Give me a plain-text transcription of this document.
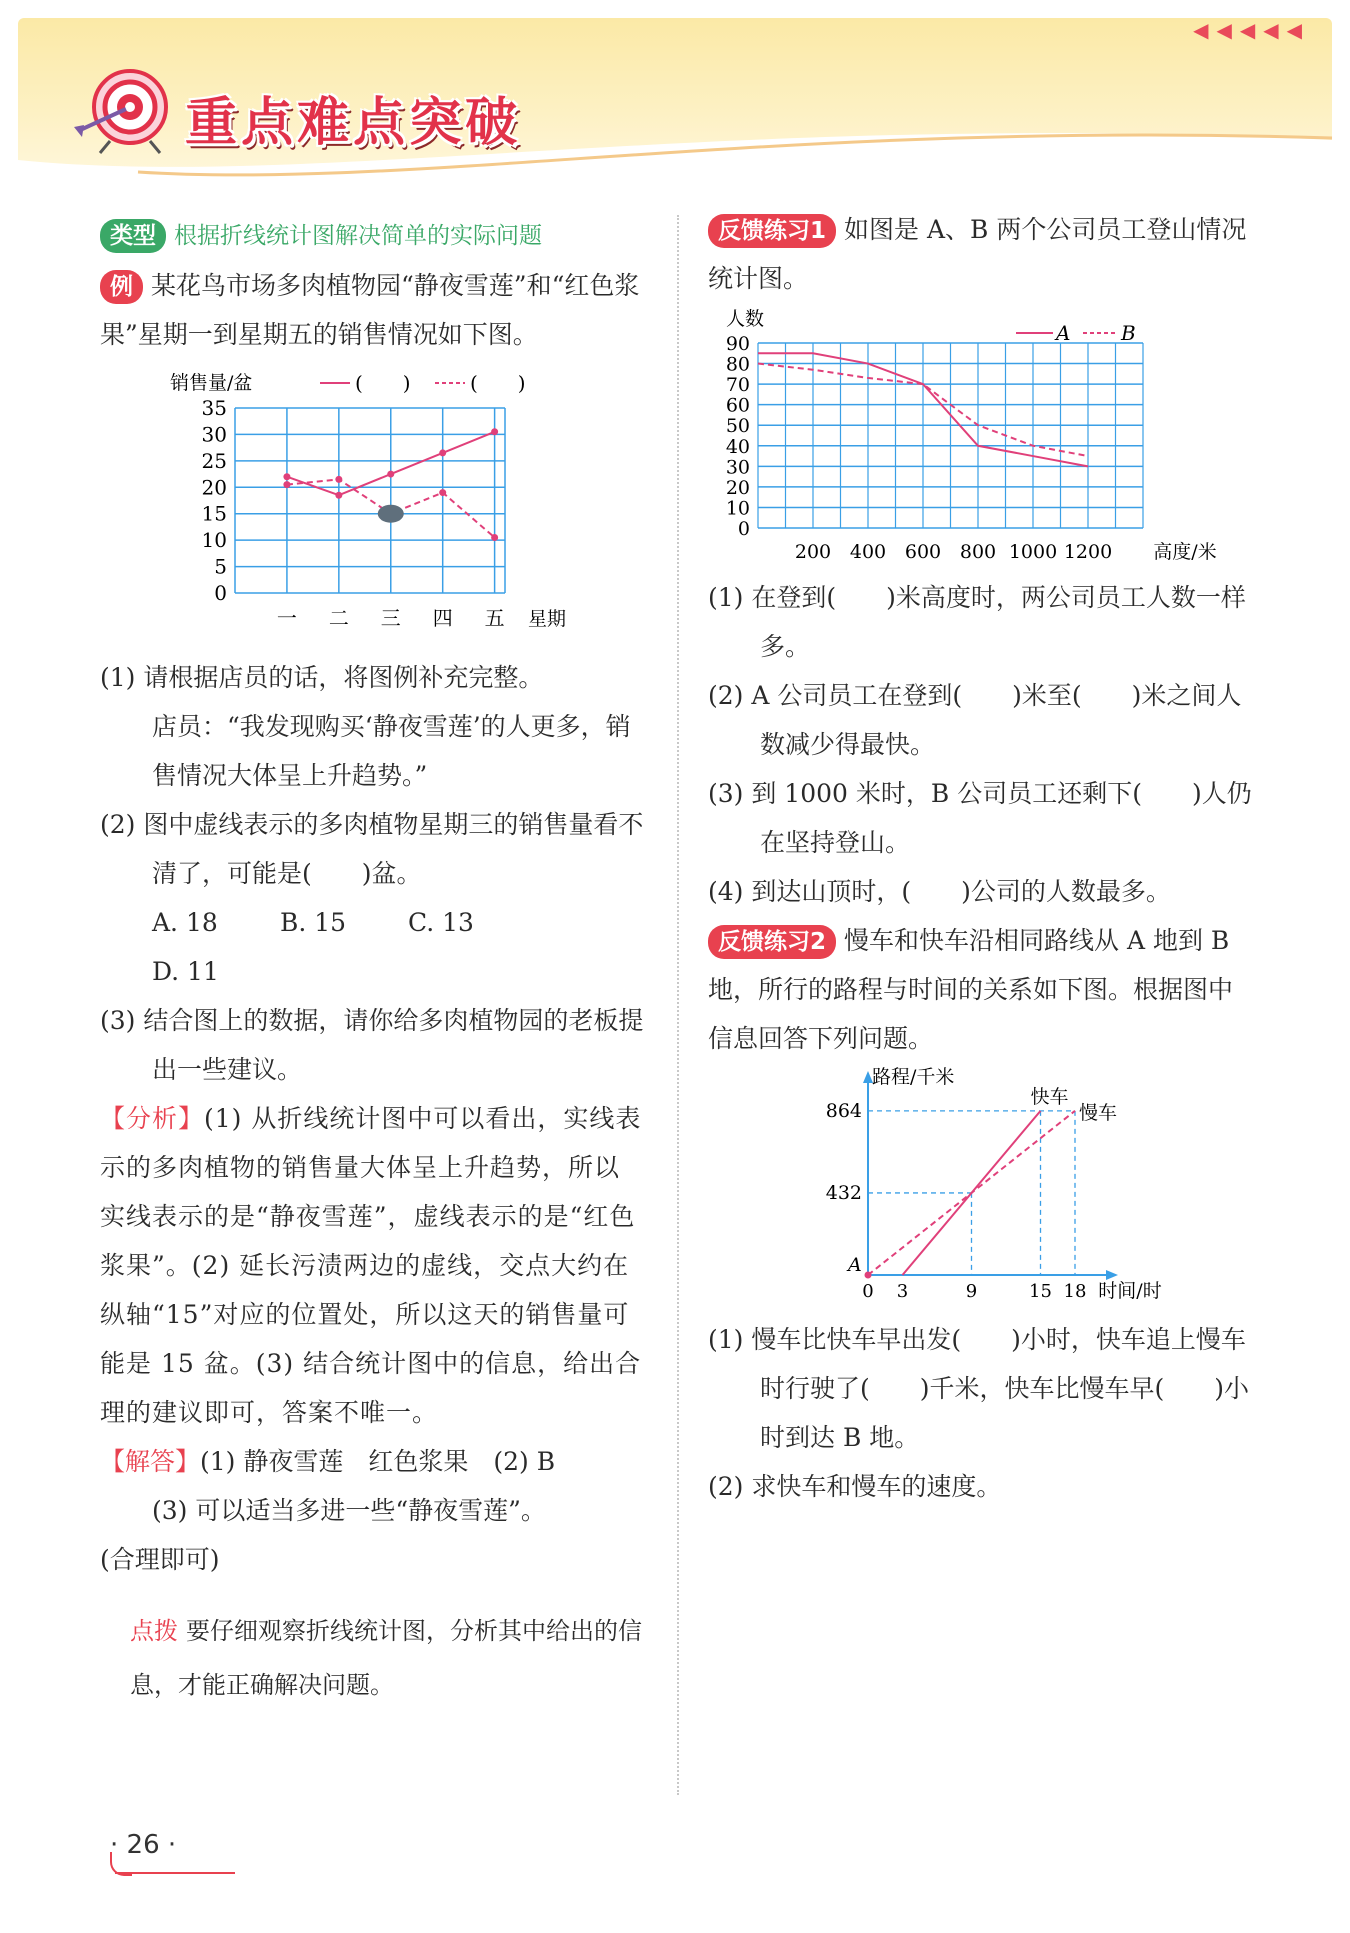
◀◀◀◀◀
重点难点突破

类型 根据折线统计图解决简单的实际问题

例 某花鸟市场多肉植物园“静夜雪莲”和“红色浆果”星期一到星期五的销售情况如下图。

0
5
10
15
20
25
30
35
一 二 三 四 五 星期
销售量/盆	(　　)	(　　)

(1) 请根据店员的话，将图例补充完整。

店员：“我发现购买‘静夜雪莲’的人更多，销售情况大体呈上升趋势。”

(2) 图中虚线表示的多肉植物星期三的销售量看不清了，可能是(　　)盆。

A. 18 B. 15 C. 13D. 11

(3) 结合图上的数据，请你给多肉植物园的老板提出一些建议。

【分析】(1) 从折线统计图中可以看出，实线表示的多肉植物的销售量大体呈上升趋势，所以实线表示的是“静夜雪莲”，虚线表示的是“红色浆果”。(2) 延长污渍两边的虚线，交点大约在纵轴“15”对应的位置处，所以这天的销售量可能是 15 盆。(3) 结合统计图中的信息，给出合理的建议即可，答案不唯一。

【解答】(1) 静夜雪莲　红色浆果　(2) B

(3) 可以适当多进一些“静夜雪莲”。

(合理即可)

点拨 要仔细观察折线统计图，分析其中给出的信息，才能正确解决问题。

反馈练习1 如图是 A、B 两个公司员工登山情况统计图。

0
10
20
30
40
50
60
70
80
90
200 400 600 800 1000 1200 高度/米
人数
A	B

(1) 在登到(　　)米高度时，两公司员工人数一样多。

(2) A 公司员工在登到(　　)米至(　　)米之间人数减少得最快。

(3) 到 1000 米时，B 公司员工还剩下(　　)人仍在坚持登山。

(4) 到达山顶时，(　　)公司的人数最多。

反馈练习2 慢车和快车沿相同路线从 A 地到 B 地，所行的路程与时间的关系如下图。根据图中信息回答下列问题。

路程/千米
时间/时
A
0 3	9	15 18
432
864
快车
慢车

(1) 慢车比快车早出发(　　)小时，快车追上慢车时行驶了(　　)千米，快车比慢车早(　　)小时到达 B 地。

(2) 求快车和慢车的速度。

· 26 ·
